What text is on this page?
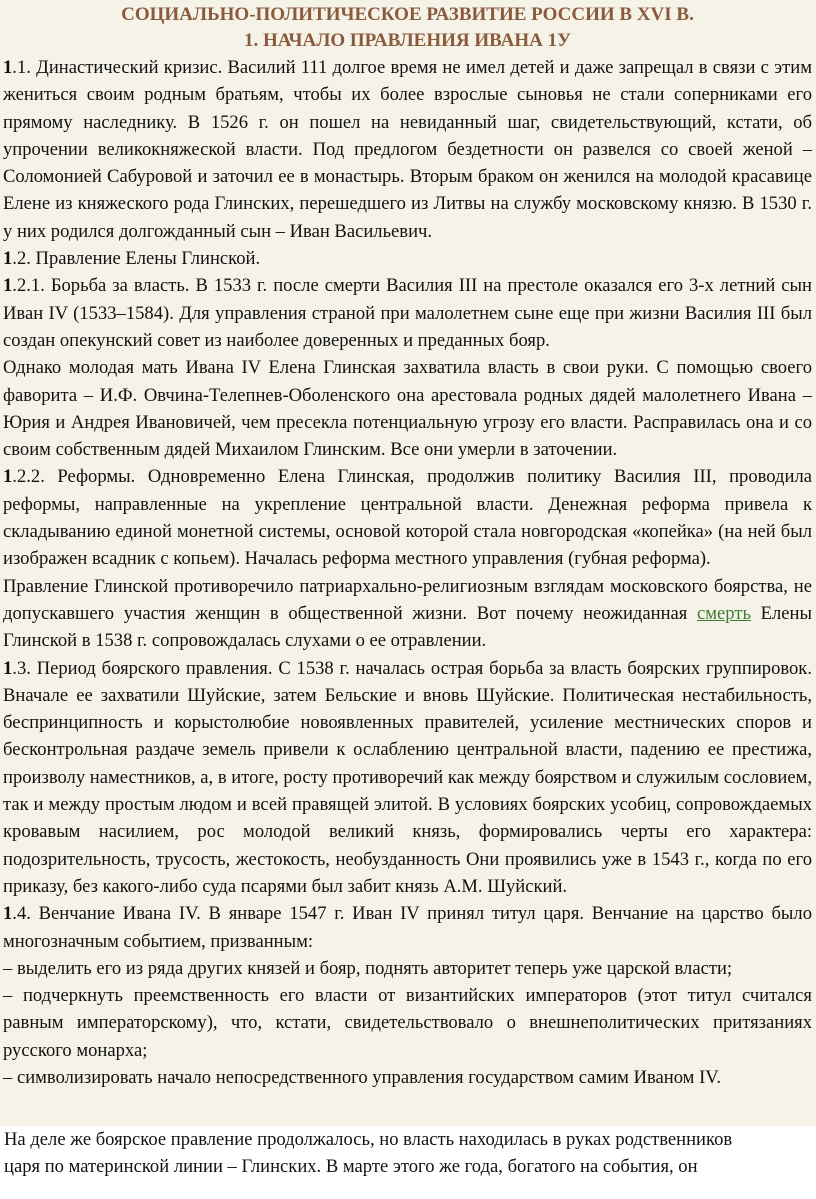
СОЦИАЛЬНО-ПОЛИТИЧЕСКОЕ РАЗВИТИЕ РОССИИ В XVI В.
1. НАЧАЛО ПРАВЛЕНИЯ ИВАНА 1У

1.1. Династический кризис. Василий 111 долгое время не имел детей и даже запрещал в связи с этим жениться своим родным братьям, чтобы их более взрослые сыновья не стали соперниками его прямому наследнику. В 1526 г. он пошел на невиданный шаг, свидетельствующий, кстати, об упрочении великокняжеской власти. Под предлогом бездетности он развелся со своей женой – Соломонией Сабуровой и заточил ее в монастырь. Вторым браком он женился на молодой красавице Елене из княжеского рода Глинских, перешедшего из Литвы на службу московскому князю. В 1530 г. у них родился долгожданный сын – Иван Васильевич.

1.2. Правление Елены Глинской.

1.2.1. Борьба за власть. В 1533 г. после смерти Василия III на престоле оказался его 3-х летний сын Иван IV (1533–1584). Для управления страной при малолетнем сыне еще при жизни Василия III был создан опекунский совет из наиболее доверенных и преданных бояр.

Однако молодая мать Ивана IV Елена Глинская захватила власть в свои руки. С помощью своего фаворита – И.Ф. Овчина-Телепнев-Оболенского она арестовала родных дядей малолетнего Ивана – Юрия и Андрея Ивановичей, чем пресекла потенциальную угрозу его власти. Расправилась она и со своим собственным дядей Михаилом Глинским. Все они умерли в заточении.

1.2.2. Реформы. Одновременно Елена Глинская, продолжив политику Василия III, проводила реформы, направленные на укрепление центральной власти. Денежная реформа привела к складыванию единой монетной системы, основой которой стала новгородская «копейка» (на ней был изображен всадник с копьем). Началась реформа местного управления (губная реформа).

Правление Глинской противоречило патриархально-религиозным взглядам московского боярства, не допускавшего участия женщин в общественной жизни. Вот почему неожиданная смерть Елены Глинской в 1538 г. сопровождалась слухами о ее отравлении.

1.3. Период боярского правления. С 1538 г. началась острая борьба за власть боярских группировок. Вначале ее захватили Шуйские, затем Бельские и вновь Шуйские. Политическая нестабильность, беспринципность и корыстолюбие новоявленных правителей, усиление местнических споров и бесконтрольная раздаче земель привели к ослаблению центральной власти, падению ее престижа, произволу наместников, а, в итоге, росту противоречий как между боярством и служилым сословием, так и между простым людом и всей правящей элитой. В условиях боярских усобиц, сопровождаемых кровавым насилием, рос молодой великий князь, формировались черты его характера: подозрительность, трусость, жестокость, необузданность Они проявились уже в 1543 г., когда по его приказу, без какого-либо суда псарями был забит князь А.М. Шуйский.

1.4. Венчание Ивана IV. В январе 1547 г. Иван IV принял титул царя. Венчание на царство было многозначным событием, призванным:

– выделить его из ряда других князей и бояр, поднять авторитет теперь уже царской власти;

– подчеркнуть преемственность его власти от византийских императоров (этот титул считался равным императорскому), что, кстати, свидетельствовало о внешнеполитических притязаниях русского монарха;

– символизировать начало непосредственного управления государством самим Иваном IV.

На деле же боярское правление продолжалось, но власть находилась в руках родственников
царя по материнской линии – Глинских. В марте этого же года, богатого на события, он
